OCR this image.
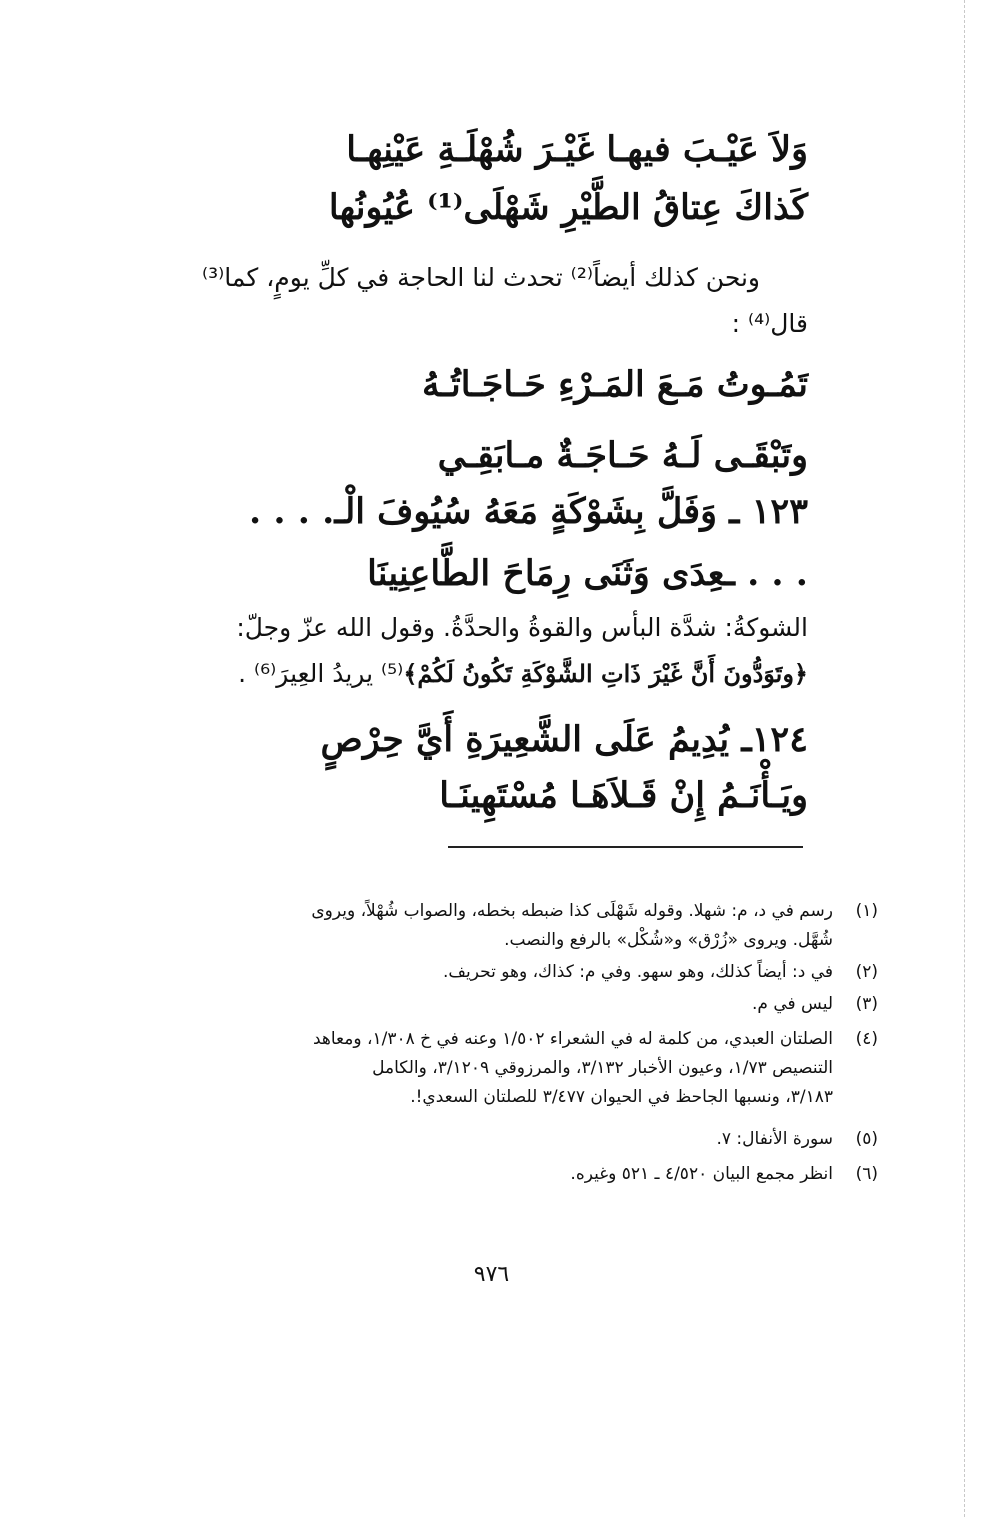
وَلاَ عَيْـبَ فيهـا غَيْـرَ شُهْلَـةِ عَيْنِهـا
كَذاكَ عِتاقُ الطَّيْرِ شَهْلَى⁽¹⁾ عُيُونُها
ونحن كذلك أيضاً⁽²⁾ تحدث لنا الحاجة في كلِّ يومٍ، كما⁽³⁾
قال⁽⁴⁾ :
تَمُـوتُ مَـعَ المَـرْءِ حَـاجَـاتُـهُ
وتَبْقَـى لَـهُ حَـاجَـةٌ مـابَقِـي
١٢٣ ـ وَفَلَّ بِشَوْكَةٍ مَعَهُ سُيُوفَ الْـ. . . .
. . . ـعِدَى وَثَنَى رِمَاحَ الطَّاعِنِينَا
الشوكةُ: شدَّة البأس والقوةُ والحدَّةُ. وقول الله عزّ وجلّ:
﴿وتَوَدُّونَ أَنَّ غَيْرَ ذَاتِ الشَّوْكَةِ تَكُونُ لَكُمْ﴾⁽⁵⁾ يريدُ العِيرَ⁽⁶⁾ .
١٢٤ـ يُدِيمُ عَلَى الشَّعِيرَةِ أَيَّ حِرْصٍ
ويَـأْنَـمُ إِنْ قَـلاَهَـا مُسْتَهِينَـا
(١)
رسم في د، م: شهلا. وقوله شَهْلَى كذا ضبطه بخطه، والصواب شُهْلاً، ويروى
شُهَّل. ويروى «زُرْق» و«شُكْل» بالرفع والنصب.
(٢)
في د: أيضاً كذلك، وهو سهو. وفي م: كذاك، وهو تحريف.
(٣)
ليس في م.
(٤)
الصلتان العبدي، من كلمة له في الشعراء ١/٥٠٢ وعنه في خ ١/٣٠٨، ومعاهد
التنصيص ١/٧٣، وعيون الأخبار ٣/١٣٢، والمرزوقي ٣/١٢٠٩، والكامل
٣/١٨٣، ونسبها الجاحظ في الحيوان ٣/٤٧٧ للصلتان السعدي!.
(٥)
سورة الأنفال: ٧.
(٦)
انظر مجمع البيان ٤/٥٢٠ ـ ٥٢١ وغيره.
٩٧٦
